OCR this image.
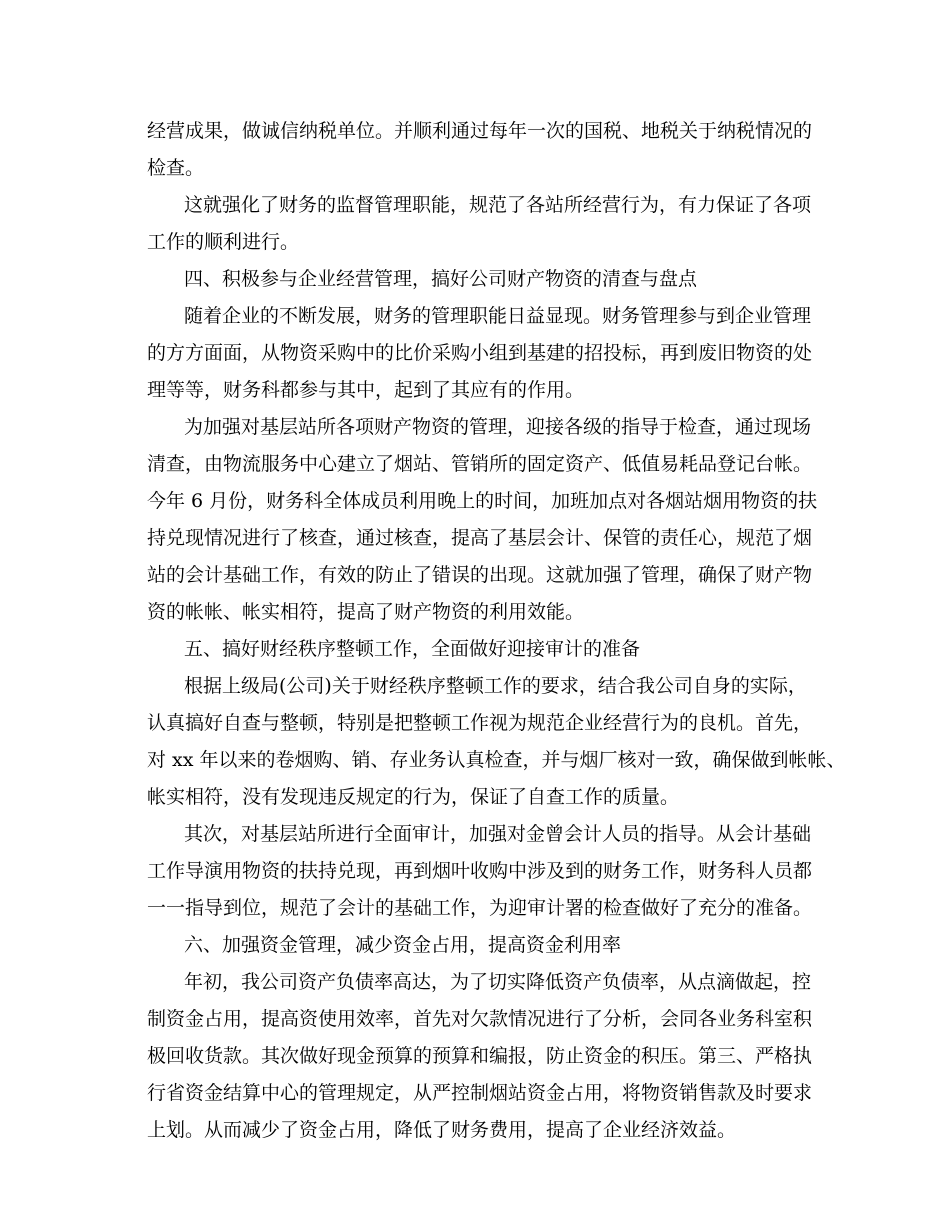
经营成果，做诚信纳税单位。并顺利通过每年一次的国税、地税关于纳税情况的
检查。
这就强化了财务的监督管理职能，规范了各站所经营行为，有力保证了各项
工作的顺利进行。
四、积极参与企业经营管理，搞好公司财产物资的清查与盘点
随着企业的不断发展，财务的管理职能日益显现。财务管理参与到企业管理
的方方面面，从物资采购中的比价采购小组到基建的招投标，再到废旧物资的处
理等等，财务科都参与其中，起到了其应有的作用。
为加强对基层站所各项财产物资的管理，迎接各级的指导于检查，通过现场
清查，由物流服务中心建立了烟站、管销所的固定资产、低值易耗品登记台帐。
今年 6 月份，财务科全体成员利用晚上的时间，加班加点对各烟站烟用物资的扶
持兑现情况进行了核查，通过核查，提高了基层会计、保管的责任心，规范了烟
站的会计基础工作，有效的防止了错误的出现。这就加强了管理，确保了财产物
资的帐帐、帐实相符，提高了财产物资的利用效能。
五、搞好财经秩序整顿工作，全面做好迎接审计的准备
根据上级局(公司)关于财经秩序整顿工作的要求，结合我公司自身的实际，
认真搞好自查与整顿，特别是把整顿工作视为规范企业经营行为的良机。首先，
对 xx 年以来的卷烟购、销、存业务认真检查，并与烟厂核对一致，确保做到帐帐、
帐实相符，没有发现违反规定的行为，保证了自查工作的质量。
其次，对基层站所进行全面审计，加强对金曾会计人员的指导。从会计基础
工作导演用物资的扶持兑现，再到烟叶收购中涉及到的财务工作，财务科人员都
一一指导到位，规范了会计的基础工作，为迎审计署的检查做好了充分的准备。
六、加强资金管理，减少资金占用，提高资金利用率
年初，我公司资产负债率高达，为了切实降低资产负债率，从点滴做起，控
制资金占用，提高资使用效率，首先对欠款情况进行了分析，会同各业务科室积
极回收货款。其次做好现金预算的预算和编报，防止资金的积压。第三、严格执
行省资金结算中心的管理规定，从严控制烟站资金占用，将物资销售款及时要求
上划。从而减少了资金占用，降低了财务费用，提高了企业经济效益。
